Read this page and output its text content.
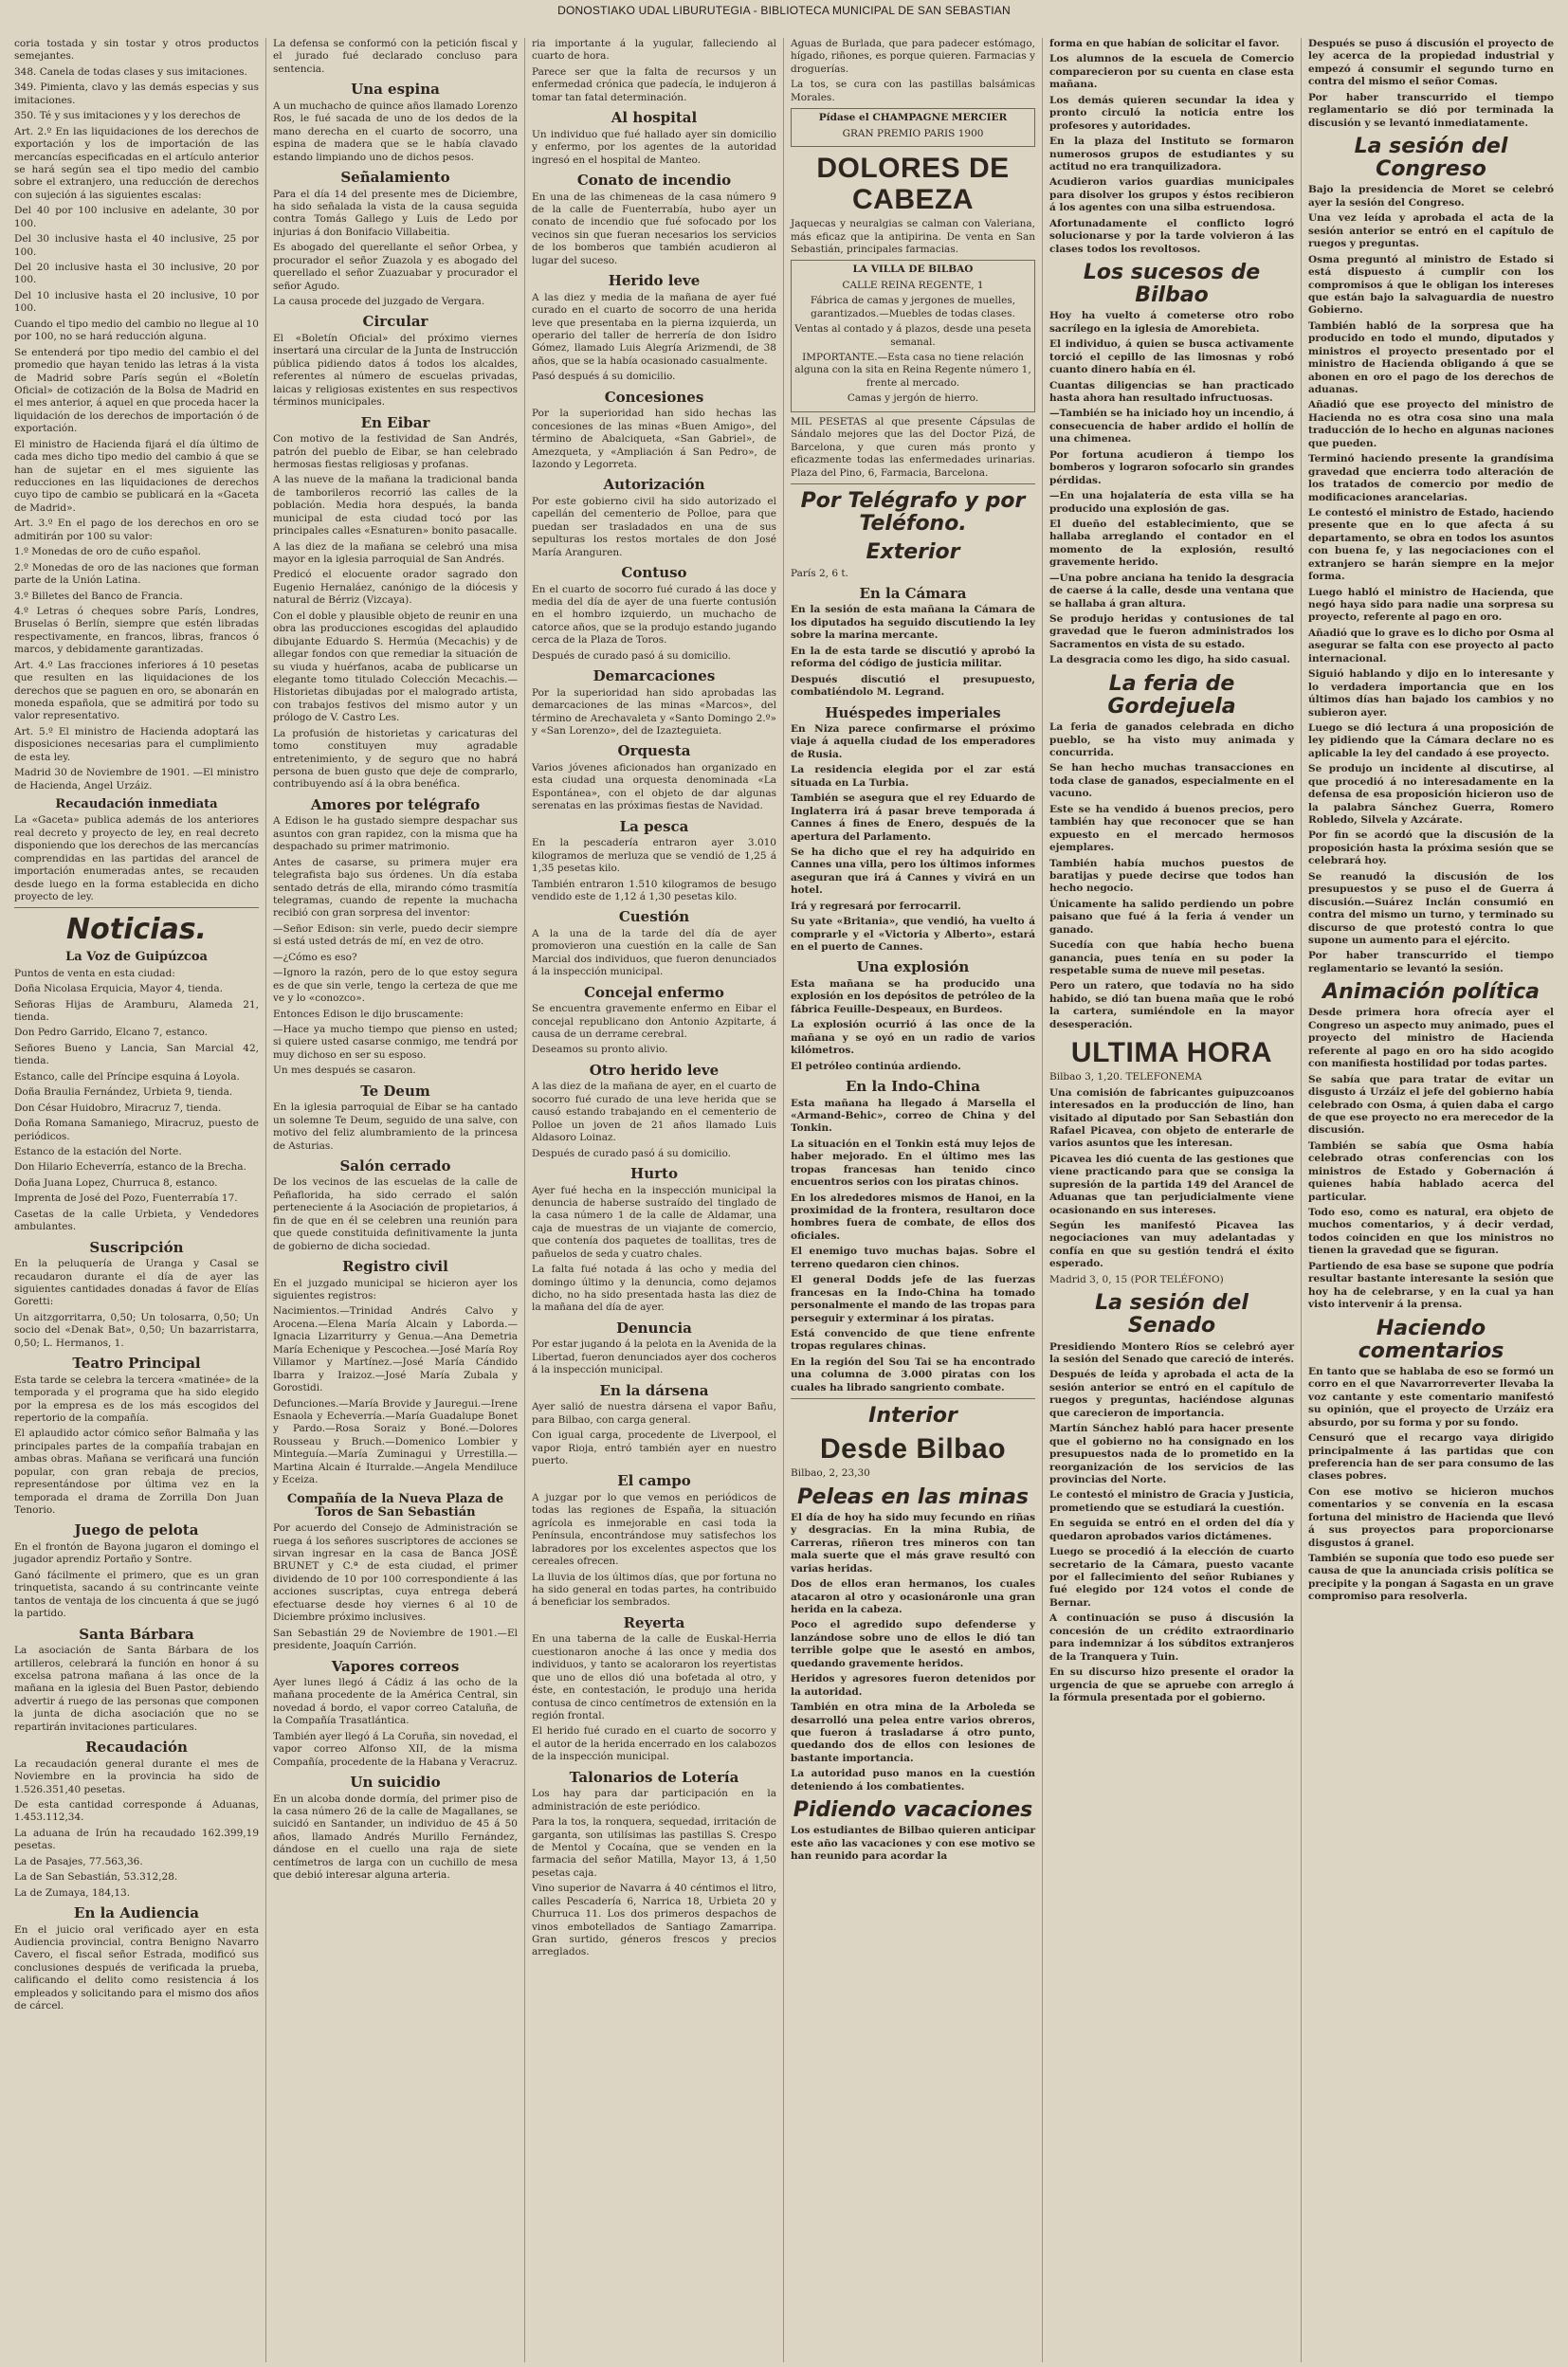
DONOSTIAKO UDAL LIBURUTEGIA - BIBLIOTECA MUNICIPAL DE SAN SEBASTIAN

coria tostada y sin tostar y otros productos semejantes.

348. Canela de todas clases y sus imitaciones.

349. Pimienta, clavo y las demás especias y sus imitaciones.

350. Té y sus imitaciones y y los derechos de

Art. 2.º En las liquidaciones de los derechos de exportación y los de importación de las mercancías especificadas en el artículo anterior se hará según sea el tipo medio del cambio sobre el extranjero, una reducción de derechos con sujeción á las siguientes escalas:

Del 40 por 100 inclusive en adelante, 30 por 100.

Del 30 inclusive hasta el 40 inclusive, 25 por 100.

Del 20 inclusive hasta el 30 inclusive, 20 por 100.

Del 10 inclusive hasta el 20 inclusive, 10 por 100.

Cuando el tipo medio del cambio no llegue al 10 por 100, no se hará reducción alguna.

Se entenderá por tipo medio del cambio el del promedio que hayan tenido las letras á la vista de Madrid sobre París según el «Boletín Oficial» de cotización de la Bolsa de Madrid en el mes anterior, á aquel en que proceda hacer la liquidación de los derechos de importación ó de exportación.

El ministro de Hacienda fijará el día último de cada mes dicho tipo medio del cambio á que se han de sujetar en el mes siguiente las reducciones en las liquidaciones de derechos cuyo tipo de cambio se publicará en la «Gaceta de Madrid».

Art. 3.º En el pago de los derechos en oro se admitirán por 100 su valor:

1.º Monedas de oro de cuño español.

2.º Monedas de oro de las naciones que forman parte de la Unión Latina.

3.º Billetes del Banco de Francia.

4.º Letras ó cheques sobre París, Londres, Bruselas ó Berlín, siempre que estén libradas respectivamente, en francos, libras, francos ó marcos, y debidamente garantizadas.

Art. 4.º Las fracciones inferiores á 10 pesetas que resulten en las liquidaciones de los derechos que se paguen en oro, se abonarán en moneda española, que se admitirá por todo su valor representativo.

Art. 5.º El ministro de Hacienda adoptará las disposiciones necesarias para el cumplimiento de esta ley.

Madrid 30 de Noviembre de 1901. —El ministro de Hacienda, Angel Urzáiz.

Recaudación inmediata

La «Gaceta» publica además de los anteriores real decreto y proyecto de ley, en real decreto disponiendo que los derechos de las mercancías comprendidas en las partidas del arancel de importación enumeradas antes, se recauden desde luego en la forma establecida en dicho proyecto de ley.

Noticias.
La Voz de Guipúzcoa

Puntos de venta en esta ciudad:

Doña Nicolasa Erquicia, Mayor 4, tienda.

Señoras Hijas de Aramburu, Alameda 21, tienda.

Don Pedro Garrido, Elcano 7, estanco.

Señores Bueno y Lancia, San Marcial 42, tienda.

Estanco, calle del Príncipe esquina á Loyola.

Doña Braulia Fernández, Urbieta 9, tienda.

Don César Huidobro, Miracruz 7, tienda.

Doña Romana Samaniego, Miracruz, puesto de periódicos.

Estanco de la estación del Norte.

Don Hilario Echeverría, estanco de la Brecha.

Doña Juana Lopez, Churruca 8, estanco.

Imprenta de José del Pozo, Fuenterrabía 17.

Casetas de la calle Urbieta, y Vendedores ambulantes.

Suscripción

En la peluquería de Uranga y Casal se recaudaron durante el día de ayer las siguientes cantidades donadas á favor de Elías Goretti:

Un aitzgorritarra, 0,50; Un tolosarra, 0,50; Un socio del «Denak Bat», 0,50; Un bazarristarra, 0,50; L. Hermanos, 1.

Teatro Principal

Esta tarde se celebra la tercera «matinée» de la temporada y el programa que ha sido elegido por la empresa es de los más escogidos del repertorio de la compañía.

El aplaudido actor cómico señor Balmaña y las principales partes de la compañía trabajan en ambas obras. Mañana se verificará una función popular, con gran rebaja de precios, representándose por última vez en la temporada el drama de Zorrilla Don Juan Tenorio.

Juego de pelota

En el frontón de Bayona jugaron el domingo el jugador aprendiz Portaño y Sontre.

Ganó fácilmente el primero, que es un gran trinquetista, sacando á su contrincante veinte tantos de ventaja de los cincuenta á que se jugó la partido.

Santa Bárbara

La asociación de Santa Bárbara de los artilleros, celebrará la función en honor á su excelsa patrona mañana á las once de la mañana en la iglesia del Buen Pastor, debiendo advertir á ruego de las personas que componen la junta de dicha asociación que no se repartirán invitaciones particulares.

Recaudación

La recaudación general durante el mes de Noviembre en la provincia ha sido de 1.526.351,40 pesetas.

De esta cantidad corresponde á Aduanas, 1.453.112,34.

La aduana de Irún ha recaudado 162.399,19 pesetas.

La de Pasajes, 77.563,36.

La de San Sebastián, 53.312,28.

La de Zumaya, 184,13.

En la Audiencia

En el juicio oral verificado ayer en esta Audiencia provincial, contra Benigno Navarro Cavero, el fiscal señor Estrada, modificó sus conclusiones después de verificada la prueba, calificando el delito como resistencia á los empleados y solicitando para el mismo dos años de cárcel.

La defensa se conformó con la petición fiscal y el jurado fué declarado concluso para sentencia.

Una espina

A un muchacho de quince años llamado Lorenzo Ros, le fué sacada de uno de los dedos de la mano derecha en el cuarto de socorro, una espina de madera que se le había clavado estando limpiando uno de dichos pesos.

Señalamiento

Para el día 14 del presente mes de Diciembre, ha sido señalada la vista de la causa seguida contra Tomás Gallego y Luis de Ledo por injurias á don Bonifacio Villabeitia.

Es abogado del querellante el señor Orbea, y procurador el señor Zuazola y es abogado del querellado el señor Zuazuabar y procurador el señor Agudo.

La causa procede del juzgado de Vergara.

Circular

El «Boletín Oficial» del próximo viernes insertará una circular de la Junta de Instrucción pública pidiendo datos á todos los alcaldes, referentes al número de escuelas privadas, laicas y religiosas existentes en sus respectivos términos municipales.

En Eibar

Con motivo de la festividad de San Andrés, patrón del pueblo de Eibar, se han celebrado hermosas fiestas religiosas y profanas.

A las nueve de la mañana la tradicional banda de tamborileros recorrió las calles de la población. Media hora después, la banda municipal de esta ciudad tocó por las principales calles «Esnaturen» bonito pasacalle.

A las diez de la mañana se celebró una misa mayor en la iglesia parroquial de San Andrés.

Predicó el elocuente orador sagrado don Eugenio Hernaláez, canónigo de la diócesis y natural de Bérriz (Vizcaya).

Con el doble y plausible objeto de reunir en una obra las producciones escogidas del aplaudido dibujante Eduardo S. Hermúa (Mecachis) y de allegar fondos con que remediar la situación de su viuda y huérfanos, acaba de publicarse un elegante tomo titulado Colección Mecachis.—Historietas dibujadas por el malogrado artista, con trabajos festivos del mismo autor y un prólogo de V. Castro Les.

La profusión de historietas y caricaturas del tomo constituyen muy agradable entretenimiento, y de seguro que no habrá persona de buen gusto que deje de comprarlo, contribuyendo así á la obra benéfica.

Amores por telégrafo

A Edison le ha gustado siempre despachar sus asuntos con gran rapidez, con la misma que ha despachado su primer matrimonio.

Antes de casarse, su primera mujer era telegrafista bajo sus órdenes. Un día estaba sentado detrás de ella, mirando cómo trasmitía telegramas, cuando de repente la muchacha recibió con gran sorpresa del inventor:

—Señor Edison: sin verle, puedo decir siempre si está usted detrás de mí, en vez de otro.

—¿Cómo es eso?

—Ignoro la razón, pero de lo que estoy segura es de que sin verle, tengo la certeza de que me ve y lo «conozco».

Entonces Edison le dijo bruscamente:

—Hace ya mucho tiempo que pienso en usted; si quiere usted casarse conmigo, me tendrá por muy dichoso en ser su esposo.

Un mes después se casaron.

Te Deum

En la iglesia parroquial de Eibar se ha cantado un solemne Te Deum, seguido de una salve, con motivo del feliz alumbramiento de la princesa de Asturias.

Salón cerrado

De los vecinos de las escuelas de la calle de Peñaflorida, ha sido cerrado el salón perteneciente á la Asociación de propietarios, á fin de que en él se celebren una reunión para que quede constituida definitivamente la junta de gobierno de dicha sociedad.

Registro civil

En el juzgado municipal se hicieron ayer los siguientes registros:

Nacimientos.—Trinidad Andrés Calvo y Arocena.—Elena María Alcain y Laborda.—Ignacia Lizarriturry y Genua.—Ana Demetria María Echenique y Pescochea.—José María Roy Villamor y Martínez.—José María Cándido Ibarra y Iraizoz.—José María Zubala y Gorostidi.

Defunciones.—María Brovide y Jauregui.—Irene Esnaola y Echeverría.—María Guadalupe Bonet y Pardo.—Rosa Soraiz y Boné.—Dolores Rousseau y Bruch.—Domenico Lombier y Minteguía.—María Zuminagui y Urrestilla.—Martina Alcain é Iturralde.—Angela Mendiluce y Eceiza.

Compañía de la Nueva Plaza de Toros de San Sebastián

Por acuerdo del Consejo de Administración se ruega á los señores suscriptores de acciones se sirvan ingresar en la casa de Banca JOSÉ BRUNET y C.ª de esta ciudad, el primer dividendo de 10 por 100 correspondiente á las acciones suscriptas, cuya entrega deberá efectuarse desde hoy viernes 6 al 10 de Diciembre próximo inclusives.

San Sebastián 29 de Noviembre de 1901.—El presidente, Joaquín Carrión.

Vapores correos

Ayer lunes llegó á Cádiz á las ocho de la mañana procedente de la América Central, sin novedad á bordo, el vapor correo Cataluña, de la Compañía Trasatlántica.

También ayer llegó á La Coruña, sin novedad, el vapor correo Alfonso XII, de la misma Compañía, procedente de la Habana y Veracruz.

Un suicidio

En un alcoba donde dormía, del primer piso de la casa número 26 de la calle de Magallanes, se suicidó en Santander, un individuo de 45 á 50 años, llamado Andrés Murillo Fernández, dándose en el cuello una raja de siete centímetros de larga con un cuchillo de mesa que debió interesar alguna arteria.

ria importante á la yugular, falleciendo al cuarto de hora.

Parece ser que la falta de recursos y un enfermedad crónica que padecía, le indujeron á tomar tan fatal determinación.

Al hospital

Un individuo que fué hallado ayer sin domicilio y enfermo, por los agentes de la autoridad ingresó en el hospital de Manteo.

Conato de incendio

En una de las chimeneas de la casa número 9 de la calle de Fuenterrabía, hubo ayer un conato de incendio que fué sofocado por los vecinos sin que fueran necesarios los servicios de los bomberos que también acudieron al lugar del suceso.

Herido leve

A las diez y media de la mañana de ayer fué curado en el cuarto de socorro de una herida leve que presentaba en la pierna izquierda, un operario del taller de herrería de don Isidro Gómez, llamado Luis Alegría Arizmendi, de 38 años, que se la había ocasionado casualmente.

Pasó después á su domicilio.

Concesiones

Por la superioridad han sido hechas las concesiones de las minas «Buen Amigo», del término de Abalciqueta, «San Gabriel», de Amezqueta, y «Ampliación á San Pedro», de Iazondo y Legorreta.

Autorización

Por este gobierno civil ha sido autorizado el capellán del cementerio de Polloe, para que puedan ser trasladados en una de sus sepulturas los restos mortales de don José María Aranguren.

Contuso

En el cuarto de socorro fué curado á las doce y media del día de ayer de una fuerte contusión en el hombro izquierdo, un muchacho de catorce años, que se la produjo estando jugando cerca de la Plaza de Toros.

Después de curado pasó á su domicilio.

Demarcaciones

Por la superioridad han sido aprobadas las demarcaciones de las minas «Marcos», del término de Arechavaleta y «Santo Domingo 2.º» y «San Lorenzo», del de Izazteguieta.

Orquesta

Varios jóvenes aficionados han organizado en esta ciudad una orquesta denominada «La Espontánea», con el objeto de dar algunas serenatas en las próximas fiestas de Navidad.

La pesca

En la pescadería entraron ayer 3.010 kilogramos de merluza que se vendió de 1,25 á 1,35 pesetas kilo.

También entraron 1.510 kilogramos de besugo vendido este de 1,12 á 1,30 pesetas kilo.

Cuestión

A la una de la tarde del día de ayer promovieron una cuestión en la calle de San Marcial dos individuos, que fueron denunciados á la inspección municipal.

Concejal enfermo

Se encuentra gravemente enfermo en Eibar el concejal republicano don Antonio Azpitarte, á causa de un derrame cerebral.

Deseamos su pronto alivio.

Otro herido leve

A las diez de la mañana de ayer, en el cuarto de socorro fué curado de una leve herida que se causó estando trabajando en el cementerio de Polloe un joven de 21 años llamado Luis Aldasoro Loinaz.

Después de curado pasó á su domicilio.

Hurto

Ayer fué hecha en la inspección municipal la denuncia de haberse sustraído del tinglado de la casa número 1 de la calle de Aldamar, una caja de muestras de un viajante de comercio, que contenía dos paquetes de toallitas, tres de pañuelos de seda y cuatro chales.

La falta fué notada á las ocho y media del domingo último y la denuncia, como dejamos dicho, no ha sido presentada hasta las diez de la mañana del día de ayer.

Denuncia

Por estar jugando á la pelota en la Avenida de la Libertad, fueron denunciados ayer dos cocheros á la inspección municipal.

En la dársena

Ayer salió de nuestra dársena el vapor Bañu, para Bilbao, con carga general.

Con igual carga, procedente de Liverpool, el vapor Rioja, entró también ayer en nuestro puerto.

El campo

A juzgar por lo que vemos en periódicos de todas las regiones de España, la situación agrícola es inmejorable en casi toda la Península, encontrándose muy satisfechos los labradores por los excelentes aspectos que los cereales ofrecen.

La lluvia de los últimos días, que por fortuna no ha sido general en todas partes, ha contribuido á beneficiar los sembrados.

Reyerta

En una taberna de la calle de Euskal-Herria cuestionaron anoche á las once y media dos individuos, y tanto se acaloraron los reyertistas que uno de ellos dió una bofetada al otro, y éste, en contestación, le produjo una herida contusa de cinco centímetros de extensión en la región frontal.

El herido fué curado en el cuarto de socorro y el autor de la herida encerrado en los calabozos de la inspección municipal.

Talonarios de Lotería

Los hay para dar participación en la administración de este periódico.

Para la tos, la ronquera, sequedad, irritación de garganta, son utilísimas las pastillas S. Crespo de Mentol y Cocaína, que se venden en la farmacia del señor Matilla, Mayor 13, á 1,50 pesetas caja.

Vino superior de Navarra á 40 céntimos el litro, calles Pescadería 6, Narrica 18, Urbieta 20 y Churruca 11. Los dos primeros despachos de vinos embotellados de Santiago Zamarripa. Gran surtido, géneros frescos y precios arreglados.

Aguas de Burlada, que para padecer estómago, hígado, riñones, es porque quieren. Farmacias y droguerías.

La tos, se cura con las pastillas balsámicas Morales.

Pídase el CHAMPAGNE MERCIER

GRAN PREMIO PARIS 1900

DOLORES DE CABEZA

Jaquecas y neuralgias se calman con Valeriana, más eficaz que la antipirina. De venta en San Sebastián, principales farmacias.

LA VILLA DE BILBAO

CALLE REINA REGENTE, 1

Fábrica de camas y jergones de muelles, garantizados.—Muebles de todas clases.

Ventas al contado y á plazos, desde una peseta semanal.

IMPORTANTE.—Esta casa no tiene relación alguna con la sita en Reina Regente número 1, frente al mercado.

Camas y jergón de hierro.

MIL PESETAS al que presente Cápsulas de Sándalo mejores que las del Doctor Pizá, de Barcelona, y que curen más pronto y eficazmente todas las enfermedades urinarias. Plaza del Pino, 6, Farmacia, Barcelona.

Por Telégrafo y por Teléfono.
Exterior

París 2, 6 t.

En la Cámara

En la sesión de esta mañana la Cámara de los diputados ha seguido discutiendo la ley sobre la marina mercante.

En la de esta tarde se discutió y aprobó la reforma del código de justicia militar.

Después discutió el presupuesto, combatiéndolo M. Legrand.

Huéspedes imperiales

En Niza parece confirmarse el próximo viaje á aquella ciudad de los emperadores de Rusia.

La residencia elegida por el zar está situada en La Turbia.

También se asegura que el rey Eduardo de Inglaterra irá á pasar breve temporada á Cannes á fines de Enero, después de la apertura del Parlamento.

Se ha dicho que el rey ha adquirido en Cannes una villa, pero los últimos informes aseguran que irá á Cannes y vivirá en un hotel.

Irá y regresará por ferrocarril.

Su yate «Britania», que vendió, ha vuelto á comprarle y el «Victoria y Alberto», estará en el puerto de Cannes.

Una explosión

Esta mañana se ha producido una explosión en los depósitos de petróleo de la fábrica Feuille-Despeaux, en Burdeos.

La explosión ocurrió á las once de la mañana y se oyó en un radio de varios kilómetros.

El petróleo continúa ardiendo.

En la Indo-China

Esta mañana ha llegado á Marsella el «Armand-Behic», correo de China y del Tonkin.

La situación en el Tonkin está muy lejos de haber mejorado. En el último mes las tropas francesas han tenido cinco encuentros serios con los piratas chinos.

En los alrededores mismos de Hanoi, en la proximidad de la frontera, resultaron doce hombres fuera de combate, de ellos dos oficiales.

El enemigo tuvo muchas bajas. Sobre el terreno quedaron cien chinos.

El general Dodds jefe de las fuerzas francesas en la Indo-China ha tomado personalmente el mando de las tropas para perseguir y exterminar á los piratas.

Está convencido de que tiene enfrente tropas regulares chinas.

En la región del Sou Tai se ha encontrado una columna de 3.000 piratas con los cuales ha librado sangriento combate.

Interior
Desde Bilbao

Bilbao, 2, 23,30

Peleas en las minas

El día de hoy ha sido muy fecundo en riñas y desgracias. En la mina Rubia, de Carreras, riñeron tres mineros con tan mala suerte que el más grave resultó con varias heridas.

Dos de ellos eran hermanos, los cuales atacaron al otro y ocasionáronle una gran herida en la cabeza.

Poco el agredido supo defenderse y lanzándose sobre uno de ellos le dió tan terrible golpe que le asestó en ambos, quedando gravemente heridos.

Heridos y agresores fueron detenidos por la autoridad.

También en otra mina de la Arboleda se desarrolló una pelea entre varios obreros, que fueron á trasladarse á otro punto, quedando dos de ellos con lesiones de bastante importancia.

La autoridad puso manos en la cuestión deteniendo á los combatientes.

Pidiendo vacaciones

Los estudiantes de Bilbao quieren anticipar este año las vacaciones y con ese motivo se han reunido para acordar la

forma en que habían de solicitar el favor.

Los alumnos de la escuela de Comercio comparecieron por su cuenta en clase esta mañana.

Los demás quieren secundar la idea y pronto circuló la noticia entre los profesores y autoridades.

En la plaza del Instituto se formaron numerosos grupos de estudiantes y su actitud no era tranquilizadora.

Acudieron varios guardias municipales para disolver los grupos y éstos recibieron á los agentes con una silba estruendosa.

Afortunadamente el conflicto logró solucionarse y por la tarde volvieron á las clases todos los revoltosos.

Los sucesos de Bilbao

Hoy ha vuelto á cometerse otro robo sacrílego en la iglesia de Amorebieta.

El individuo, á quien se busca activamente torció el cepillo de las limosnas y robó cuanto dinero había en él.

Cuantas diligencias se han practicado hasta ahora han resultado infructuosas.

—También se ha iniciado hoy un incendio, á consecuencia de haber ardido el hollín de una chimenea.

Por fortuna acudieron á tiempo los bomberos y lograron sofocarlo sin grandes pérdidas.

—En una hojalatería de esta villa se ha producido una explosión de gas.

El dueño del establecimiento, que se hallaba arreglando el contador en el momento de la explosión, resultó gravemente herido.

—Una pobre anciana ha tenido la desgracia de caerse á la calle, desde una ventana que se hallaba á gran altura.

Se produjo heridas y contusiones de tal gravedad que le fueron administrados los Sacramentos en vista de su estado.

La desgracia como les digo, ha sido casual.

La feria de Gordejuela

La feria de ganados celebrada en dicho pueblo, se ha visto muy animada y concurrida.

Se han hecho muchas transacciones en toda clase de ganados, especialmente en el vacuno.

Este se ha vendido á buenos precios, pero también hay que reconocer que se han expuesto en el mercado hermosos ejemplares.

También había muchos puestos de baratijas y puede decirse que todos han hecho negocio.

Únicamente ha salido perdiendo un pobre paisano que fué á la feria á vender un ganado.

Sucedía con que había hecho buena ganancia, pues tenía en su poder la respetable suma de nueve mil pesetas.

Pero un ratero, que todavía no ha sido habido, se dió tan buena maña que le robó la cartera, sumiéndole en la mayor desesperación.

ULTIMA HORA

Bilbao 3, 1,20. TELEFONEMA

Una comisión de fabricantes guipuzcoanos interesados en la producción de lino, han visitado al diputado por San Sebastián don Rafael Picavea, con objeto de enterarle de varios asuntos que les interesan.

Picavea les dió cuenta de las gestiones que viene practicando para que se consiga la supresión de la partida 149 del Arancel de Aduanas que tan perjudicialmente viene ocasionando en sus intereses.

Según les manifestó Picavea las negociaciones van muy adelantadas y confía en que su gestión tendrá el éxito esperado.

Madrid 3, 0, 15 (POR TELÉFONO)

La sesión del Senado

Presidiendo Montero Ríos se celebró ayer la sesión del Senado que careció de interés.

Después de leída y aprobada el acta de la sesión anterior se entró en el capítulo de ruegos y preguntas, haciéndose algunas que carecieron de importancia.

Martín Sánchez habló para hacer presente que el gobierno no ha consignado en los presupuestos nada de lo prometido en la reorganización de los servicios de las provincias del Norte.

Le contestó el ministro de Gracia y Justicia, prometiendo que se estudiará la cuestión.

En seguida se entró en el orden del día y quedaron aprobados varios dictámenes.

Luego se procedió á la elección de cuarto secretario de la Cámara, puesto vacante por el fallecimiento del señor Rubianes y fué elegido por 124 votos el conde de Bernar.

A continuación se puso á discusión la concesión de un crédito extraordinario para indemnizar á los súbditos extranjeros de la Tranquera y Tuin.

En su discurso hizo presente el orador la urgencia de que se apruebe con arreglo á la fórmula presentada por el gobierno.

Después se puso á discusión el proyecto de ley acerca de la propiedad industrial y empezó á consumir el segundo turno en contra del mismo el señor Comas.

Por haber transcurrido el tiempo reglamentario se dió por terminada la discusión y se levantó inmediatamente.

La sesión del Congreso

Bajo la presidencia de Moret se celebró ayer la sesión del Congreso.

Una vez leída y aprobada el acta de la sesión anterior se entró en el capítulo de ruegos y preguntas.

Osma preguntó al ministro de Estado si está dispuesto á cumplir con los compromisos á que le obligan los intereses que están bajo la salvaguardia de nuestro Gobierno.

También habló de la sorpresa que ha producido en todo el mundo, diputados y ministros el proyecto presentado por el ministro de Hacienda obligando á que se abonen en oro el pago de los derechos de aduanas.

Añadió que ese proyecto del ministro de Hacienda no es otra cosa sino una mala traducción de lo hecho en algunas naciones que pueden.

Terminó haciendo presente la grandísima gravedad que encierra todo alteración de los tratados de comercio por medio de modificaciones arancelarias.

Le contestó el ministro de Estado, haciendo presente que en lo que afecta á su departamento, se obra en todos los asuntos con buena fe, y las negociaciones con el extranjero se harán siempre en la mejor forma.

Luego habló el ministro de Hacienda, que negó haya sido para nadie una sorpresa su proyecto, referente al pago en oro.

Añadió que lo grave es lo dicho por Osma al asegurar se falta con ese proyecto al pacto internacional.

Siguió hablando y dijo en lo interesante y lo verdadera importancia que en los últimos días han bajado los cambios y no subieron ayer.

Luego se dió lectura á una proposición de ley pidiendo que la Cámara declare no es aplicable la ley del candado á ese proyecto.

Se produjo un incidente al discutirse, al que procedió á no interesadamente en la defensa de esa proposición hicieron uso de la palabra Sánchez Guerra, Romero Robledo, Silvela y Azcárate.

Por fin se acordó que la discusión de la proposición hasta la próxima sesión que se celebrará hoy.

Se reanudó la discusión de los presupuestos y se puso el de Guerra á discusión.—Suárez Inclán consumió en contra del mismo un turno, y terminado su discurso de que protestó contra lo que supone un aumento para el ejército.

Por haber transcurrido el tiempo reglamentario se levantó la sesión.

Animación política

Desde primera hora ofrecía ayer el Congreso un aspecto muy animado, pues el proyecto del ministro de Hacienda referente al pago en oro ha sido acogido con manifiesta hostilidad por todas partes.

Se sabía que para tratar de evitar un disgusto á Urzáiz el jefe del gobierno había celebrado con Osma, á quien daba el cargo de que ese proyecto no era merecedor de la discusión.

También se sabía que Osma había celebrado otras conferencias con los ministros de Estado y Gobernación á quienes había hablado acerca del particular.

Todo eso, como es natural, era objeto de muchos comentarios, y á decir verdad, todos coinciden en que los ministros no tienen la gravedad que se figuran.

Partiendo de esa base se supone que podría resultar bastante interesante la sesión que hoy ha de celebrarse, y en la cual ya han visto intervenir á la prensa.

Haciendo comentarios

En tanto que se hablaba de eso se formó un corro en el que Navarrorreverter llevaba la voz cantante y este comentario manifestó su opinión, que el proyecto de Urzáiz era absurdo, por su forma y por su fondo.

Censuró que el recargo vaya dirigido principalmente á las partidas que con preferencia han de ser para consumo de las clases pobres.

Con ese motivo se hicieron muchos comentarios y se convenía en la escasa fortuna del ministro de Hacienda que llevó á sus proyectos para proporcionarse disgustos á granel.

También se suponía que todo eso puede ser causa de que la anunciada crisis política se precipite y la pongan á Sagasta en un grave compromiso para resolverla.
